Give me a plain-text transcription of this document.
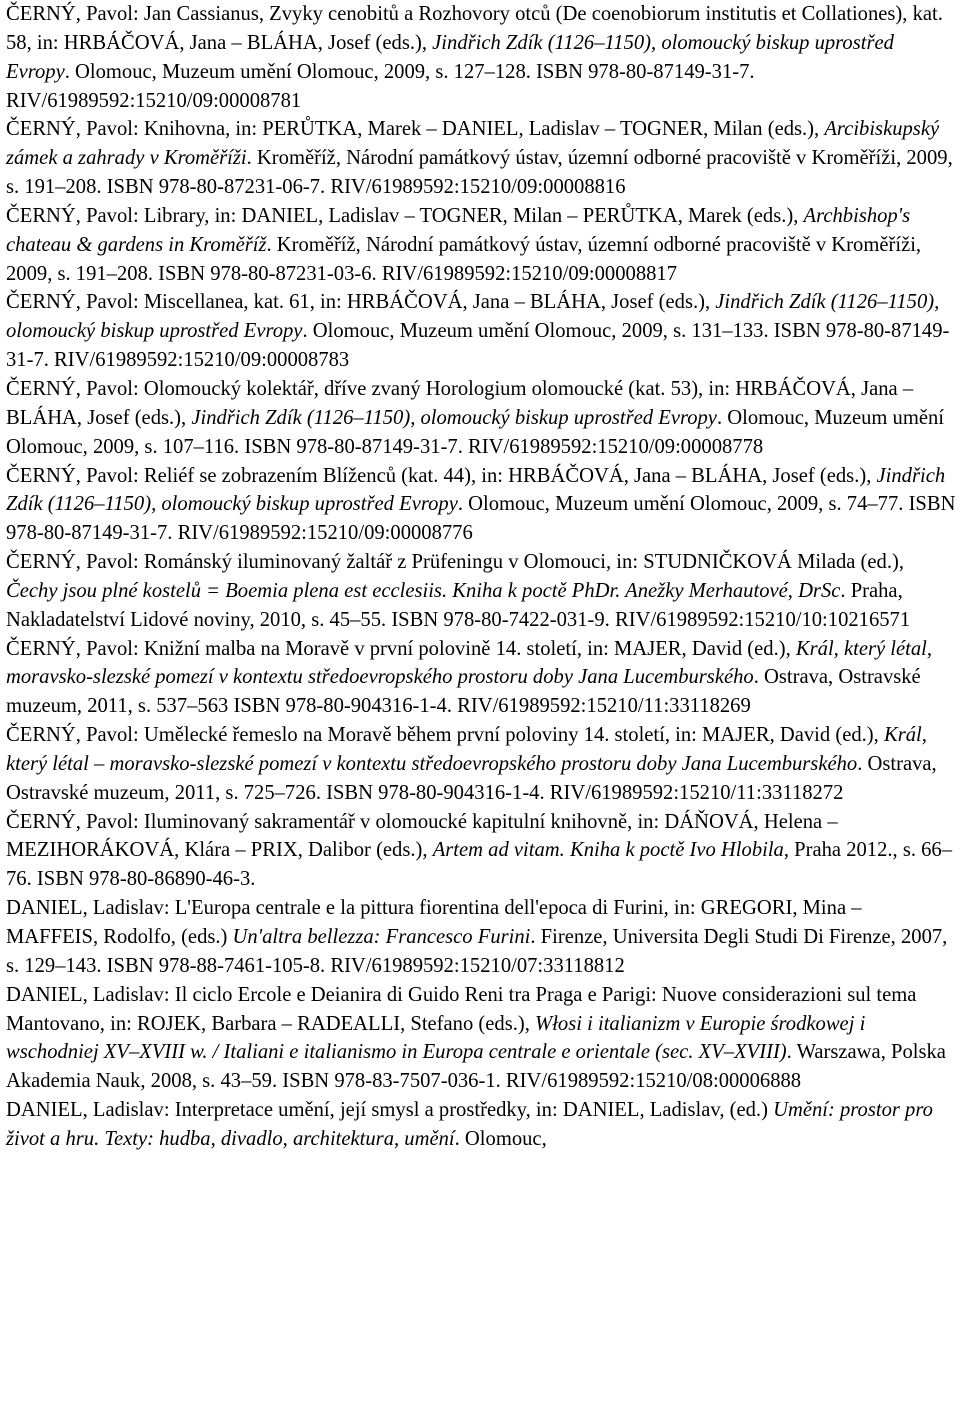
ČERNÝ, Pavol: Jan Cassianus, Zvyky cenobitů a Rozhovory otců (De coenobiorum institutis et Collationes), kat. 58, in: HRBÁČOVÁ, Jana – BLÁHA, Josef (eds.), Jindřich Zdík (1126–1150), olomoucký biskup uprostřed Evropy. Olomouc, Muzeum umění Olomouc, 2009, s. 127–128. ISBN 978-80-87149-31-7. RIV/61989592:15210/09:00008781

ČERNÝ, Pavol: Knihovna, in: PERŮTKA, Marek – DANIEL, Ladislav – TOGNER, Milan (eds.), Arcibiskupský zámek a zahrady v Kroměříži. Kroměříž, Národní památkový ústav, územní odborné pracoviště v Kroměříži, 2009, s. 191–208. ISBN 978-80-87231-06-7. RIV/61989592:15210/09:00008816

ČERNÝ, Pavol: Library, in: DANIEL, Ladislav – TOGNER, Milan – PERŮTKA, Marek (eds.), Archbishop's chateau & gardens in Kroměříž. Kroměříž, Národní památkový ústav, územní odborné pracoviště v Kroměříži, 2009, s. 191–208. ISBN 978-80-87231-03-6. RIV/61989592:15210/09:00008817

ČERNÝ, Pavol: Miscellanea, kat. 61, in: HRBÁČOVÁ, Jana – BLÁHA, Josef (eds.), Jindřich Zdík (1126–1150), olomoucký biskup uprostřed Evropy. Olomouc, Muzeum umění Olomouc, 2009, s. 131–133. ISBN 978-80-87149-31-7. RIV/61989592:15210/09:00008783

ČERNÝ, Pavol: Olomoucký kolektář, dříve zvaný Horologium olomoucké (kat. 53), in: HRBÁČOVÁ, Jana – BLÁHA, Josef (eds.), Jindřich Zdík (1126–1150), olomoucký biskup uprostřed Evropy. Olomouc, Muzeum umění Olomouc, 2009, s. 107–116. ISBN 978-80-87149-31-7. RIV/61989592:15210/09:00008778

ČERNÝ, Pavol: Reliéf se zobrazením Blíženců (kat. 44), in: HRBÁČOVÁ, Jana – BLÁHA, Josef (eds.), Jindřich Zdík (1126–1150), olomoucký biskup uprostřed Evropy. Olomouc, Muzeum umění Olomouc, 2009, s. 74–77. ISBN 978-80-87149-31-7. RIV/61989592:15210/09:00008776

ČERNÝ, Pavol: Románský iluminovaný žaltář z Prüfeningu v Olomouci, in: STUDNIČKOVÁ Milada (ed.), Čechy jsou plné kostelů = Boemia plena est ecclesiis. Kniha k poctě PhDr. Anežky Merhautové, DrSc. Praha, Nakladatelství Lidové noviny, 2010, s. 45–55. ISBN 978-80-7422-031-9. RIV/61989592:15210/10:10216571

ČERNÝ, Pavol: Knižní malba na Moravě v první polovině 14. století, in: MAJER, David (ed.), Král, který létal, moravsko-slezské pomezí v kontextu středoevropského prostoru doby Jana Lucemburského. Ostrava, Ostravské muzeum, 2011, s. 537–563 ISBN 978-80-904316-1-4. RIV/61989592:15210/11:33118269

ČERNÝ, Pavol: Umělecké řemeslo na Moravě během první poloviny 14. století, in: MAJER, David (ed.), Král, který létal – moravsko-slezské pomezí v kontextu středoevropského prostoru doby Jana Lucemburského. Ostrava, Ostravské muzeum, 2011, s. 725–726. ISBN 978-80-904316-1-4. RIV/61989592:15210/11:33118272

ČERNÝ, Pavol: Iluminovaný sakramentář v olomoucké kapitulní knihovně, in: DÁŇOVÁ, Helena – MEZIHORÁKOVÁ, Klára – PRIX, Dalibor (eds.), Artem ad vitam. Kniha k poctě Ivo Hlobila, Praha 2012., s. 66–76. ISBN 978-80-86890-46-3.

DANIEL, Ladislav: L'Europa centrale e la pittura fiorentina dell'epoca di Furini, in: GREGORI, Mina – MAFFEIS, Rodolfo, (eds.) Un'altra bellezza: Francesco Furini. Firenze, Universita Degli Studi Di Firenze, 2007, s. 129–143. ISBN 978-88-7461-105-8. RIV/61989592:15210/07:33118812

DANIEL, Ladislav: Il ciclo Ercole e Deianira di Guido Reni tra Praga e Parigi: Nuove considerazioni sul tema Mantovano, in: ROJEK, Barbara – RADEALLI, Stefano (eds.), Włosi i italianizm v Europie środkowej i wschodniej XV–XVIII w. / Italiani e italianismo in Europa centrale e orientale (sec. XV–XVIII). Warszawa, Polska Akademia Nauk, 2008, s. 43–59. ISBN 978-83-7507-036-1. RIV/61989592:15210/08:00006888

DANIEL, Ladislav: Interpretace umění, její smysl a prostředky, in: DANIEL, Ladislav, (ed.) Umění: prostor pro život a hru. Texty: hudba, divadlo, architektura, umění. Olomouc,
